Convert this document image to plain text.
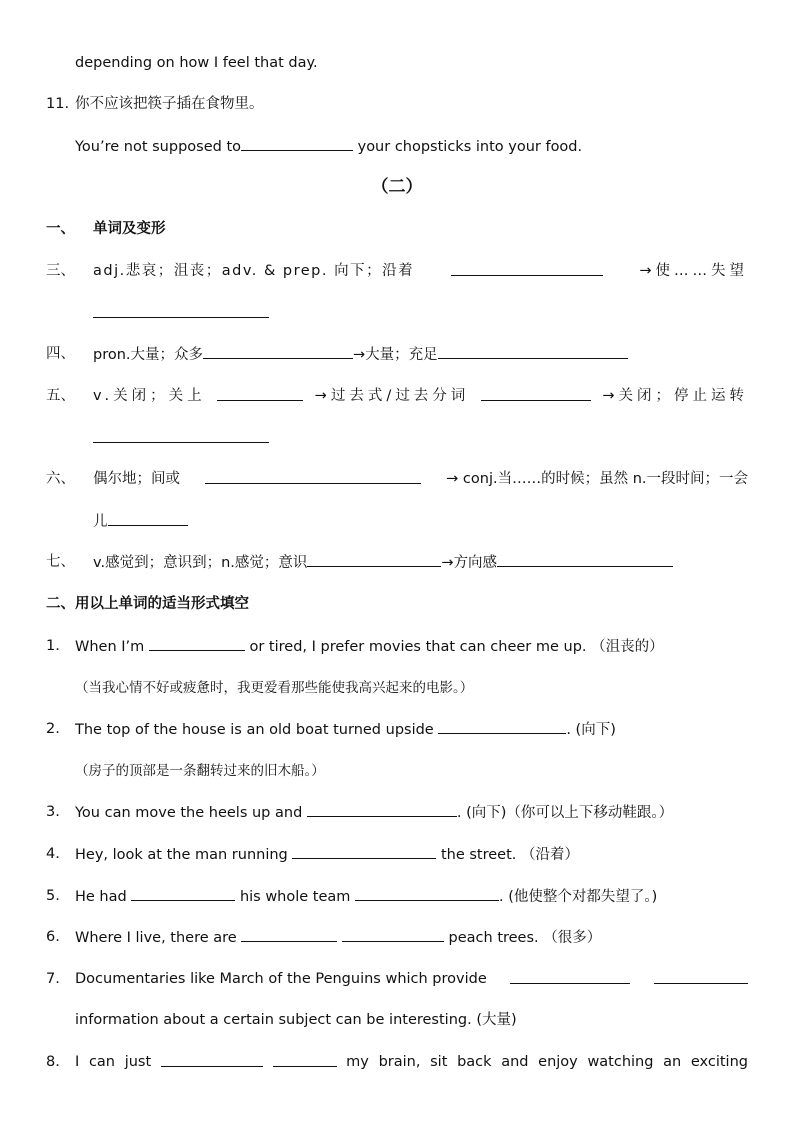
depending on how I feel that day.
11. 你不应该把筷子插在食物里。
You’re not supposed to	your chopsticks into your food.
（二）
一、 单词及变形
三、 adj.悲哀；沮丧；adv. & prep. 向下；沿着	→使……失望
四、 pron.大量；众多	→大量；充足
五、 v.关闭；关上	→过去式/过去分词	→关闭；停止运转
六、 偶尔地；间或	→ conj.当……的时候；虽然 n.一段时间；一会
儿
七、 v.感觉到；意识到；n.感觉；意识	→方向感
二、用以上单词的适当形式填空
1. When I’m	or tired, I prefer movies that can cheer me up. （沮丧的）
（当我心情不好或疲惫时，我更爱看那些能使我高兴起来的电影。）
2. The top of the house is an old boat turned upside	. (向下)
（房子的顶部是一条翻转过来的旧木船。）
3. You can move the heels up and	. (向下)（你可以上下移动鞋跟。）
4. Hey, look at the man running	the street. （沿着）
5. He had	his whole team	. (他使整个对都失望了。)
6. Where I live, there are	peach trees. （很多）
7. Documentaries like March of the Penguins which provide
information about a certain subject can be interesting. (大量)
8. I can just	my brain, sit back and enjoy watching an exciting
